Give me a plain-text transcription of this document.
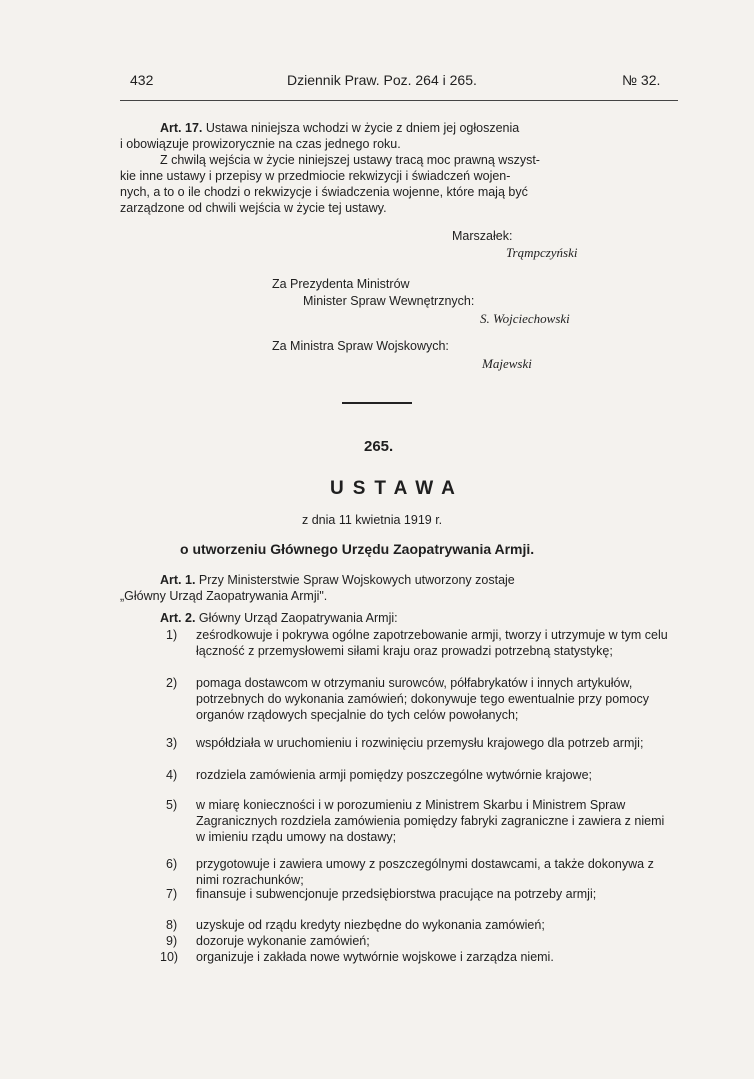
432	Dziennik Praw. Poz. 264 i 265.	№ 32.
Art. 17. Ustawa niniejsza wchodzi w życie z dniem jej ogłoszenia
i obowiązuje prowizorycznie na czas jednego roku.
Z chwilą wejścia w życie niniejszej ustawy tracą moc prawną wszyst-
kie inne ustawy i przepisy w przedmiocie rekwizycji i świadczeń wojen-
nych, a to o ile chodzi o rekwizycje i świadczenia wojenne, które mają być
zarządzone od chwili wejścia w życie tej ustawy.
Marszałek:
Trąmpczyński
Za Prezydenta Ministrów
Minister Spraw Wewnętrznych:
S. Wojciechowski
Za Ministra Spraw Wojskowych:
Majewski
265.
USTAWA
z dnia 11 kwietnia 1919 r.
o utworzeniu Głównego Urzędu Zaopatrywania Armji.
Art. 1. Przy Ministerstwie Spraw Wojskowych utworzony zostaje
„Główny Urząd Zaopatrywania Armji".
Art. 2. Główny Urząd Zaopatrywania Armji:
1) ześrodkowuje i pokrywa ogólne zapotrzebowanie armji, tworzy i utrzymuje w tym celu łączność z przemysłowemi siłami kraju oraz prowadzi potrzebną statystykę;
2) pomaga dostawcom w otrzymaniu surowców, półfabrykatów i innych artykułów, potrzebnych do wykonania zamówień; dokonywuje tego ewentualnie przy pomocy organów rządowych specjalnie do tych celów powołanych;
3) współdziała w uruchomieniu i rozwinięciu przemysłu krajowego dla potrzeb armji;
4) rozdziela zamówienia armji pomiędzy poszczególne wytwórnie krajowe;
5) w miarę konieczności i w porozumieniu z Ministrem Skarbu i Ministrem Spraw Zagranicznych rozdziela zamówienia pomiędzy fabryki zagraniczne i zawiera z niemi w imieniu rządu umowy na dostawy;
6) przygotowuje i zawiera umowy z poszczególnymi dostawcami, a także dokonywa z nimi rozrachunków;
7) finansuje i subwencjonuje przedsiębiorstwa pracujące na potrzeby armji;
8) uzyskuje od rządu kredyty niezbędne do wykonania zamówień;
9) dozoruje wykonanie zamówień;
10) organizuje i zakłada nowe wytwórnie wojskowe i zarządza niemi.
